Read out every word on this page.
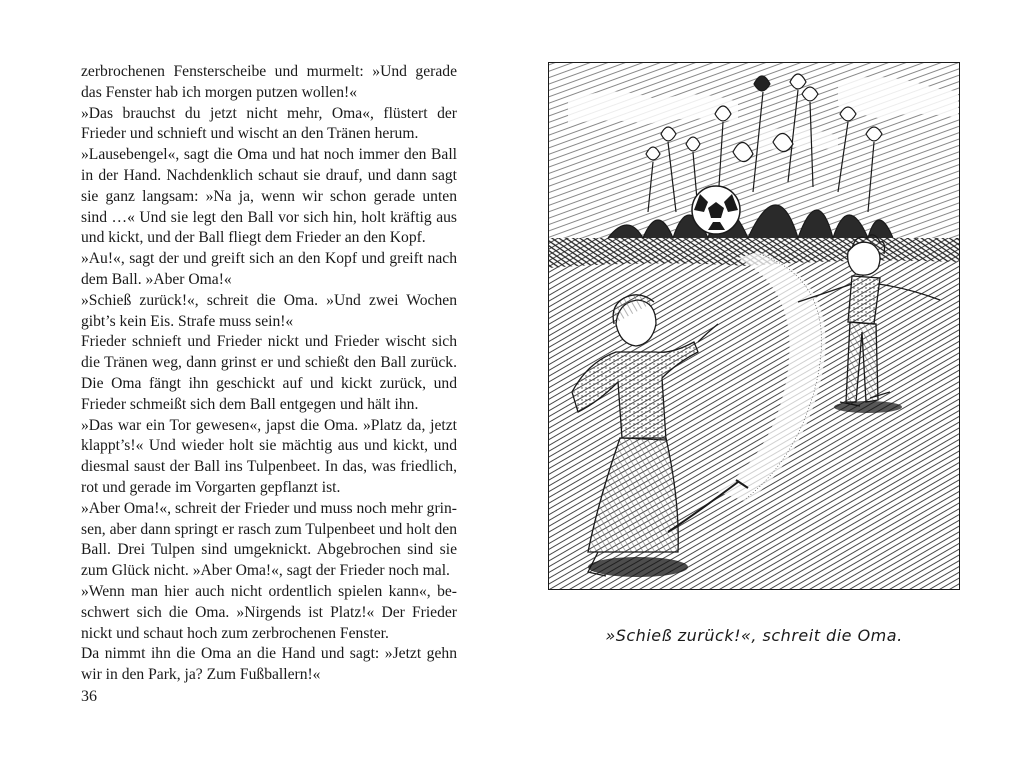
zerbrochenen Fensterscheibe und murmelt: »Und gerade das Fenster hab ich morgen putzen wollen!«

»Das brauchst du jetzt nicht mehr, Oma«, flüstert der Frieder und schnieft und wischt an den Tränen herum.

»Lausebengel«, sagt die Oma und hat noch immer den Ball in der Hand. Nachdenklich schaut sie drauf, und dann sagt sie ganz langsam: »Na ja, wenn wir schon gerade unten sind …« Und sie legt den Ball vor sich hin, holt kräftig aus und kickt, und der Ball fliegt dem Frieder an den Kopf.

»Au!«, sagt der und greift sich an den Kopf und greift nach dem Ball. »Aber Oma!«

»Schieß zurück!«, schreit die Oma. »Und zwei Wochen gibt’s kein Eis. Strafe muss sein!«

Frieder schnieft und Frieder nickt und Frieder wischt sich die Tränen weg, dann grinst er und schießt den Ball zurück. Die Oma fängt ihn geschickt auf und kickt zurück, und Frieder schmeißt sich dem Ball entgegen und hält ihn.

»Das war ein Tor gewesen«, japst die Oma. »Platz da, jetzt klappt’s!« Und wieder holt sie mächtig aus und kickt, und diesmal saust der Ball ins Tulpenbeet. In das, was friedlich, rot und gerade im Vorgarten gepflanzt ist.

»Aber Oma!«, schreit der Frieder und muss noch mehr grinsen, aber dann springt er rasch zum Tulpenbeet und holt den Ball. Drei Tulpen sind umgeknickt. Abgebrochen sind sie zum Glück nicht. »Aber Oma!«, sagt der Frieder noch mal.

»Wenn man hier auch nicht ordentlich spielen kann«, beschwert sich die Oma. »Nirgends ist Platz!« Der Frieder nickt und schaut hoch zum zerbrochenen Fenster.

Da nimmt ihn die Oma an die Hand und sagt: »Jetzt gehn wir in den Park, ja? Zum Fußballern!«

36
»Schieß zurück!«, schreit die Oma.
